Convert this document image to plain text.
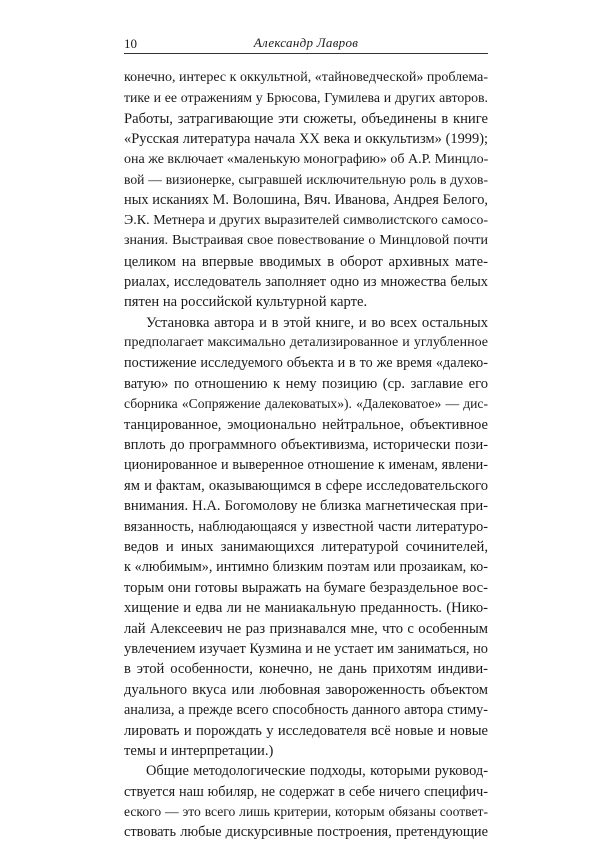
10	Александр Лавров
конечно, интерес к оккультной, «тайноведческой» проблема-
тике и ее отражениям у Брюсова, Гумилева и других авторов.
Работы, затрагивающие эти сюжеты, объединены в книге
«Русская литература начала XX века и оккультизм» (1999);
она же включает «маленькую монографию» об А.Р. Минцло-
вой — визионерке, сыгравшей исключительную роль в духов-
ных исканиях М. Волошина, Вяч. Иванова, Андрея Белого,
Э.К. Метнера и других выразителей символистского самосо-
знания. Выстраивая свое повествование о Минцловой почти
целиком на впервые вводимых в оборот архивных мате-
риалах, исследователь заполняет одно из множества белых
пятен на российской культурной карте.
Установка автора и в этой книге, и во всех остальных
предполагает максимально детализированное и углубленное
постижение исследуемого объекта и в то же время «далеко-
ватую» по отношению к нему позицию (ср. заглавие его
сборника «Сопряжение далековатых»). «Далековатое» — дис-
танцированное, эмоционально нейтральное, объективное
вплоть до программного объективизма, исторически пози-
ционированное и выверенное отношение к именам, явлени-
ям и фактам, оказывающимся в сфере исследовательского
внимания. Н.А. Богомолову не близка магнетическая при-
вязанность, наблюдающаяся у известной части литературо-
ведов и иных занимающихся литературой сочинителей,
к «любимым», интимно близким поэтам или прозаикам, ко-
торым они готовы выражать на бумаге безраздельное вос-
хищение и едва ли не маниакальную преданность. (Нико-
лай Алексеевич не раз признавался мне, что с особенным
увлечением изучает Кузмина и не устает им заниматься, но
в этой особенности, конечно, не дань прихотям индиви-
дуального вкуса или любовная завороженность объектом
анализа, а прежде всего способность данного автора стиму-
лировать и порождать у исследователя всё новые и новые
темы и интерпретации.)
Общие методологические подходы, которыми руковод-
ствуется наш юбиляр, не содержат в себе ничего специфич-
еского — это всего лишь критерии, которым обязаны соответ-
ствовать любые дискурсивные построения, претендующие
